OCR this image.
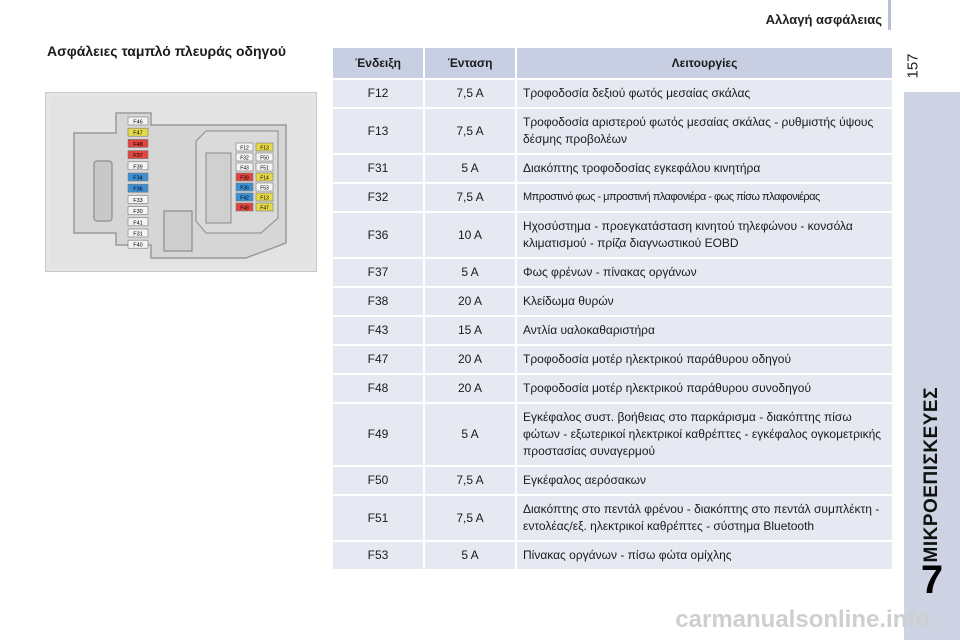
Αλλαγή ασφάλειας
157
ΜΙΚΡΟΕΠΙΣΚΕΥΕΣ
7
Ασφάλειες ταμπλό πλευράς οδηγού
F46
F47
F48
F37
F39
F34
F36
F33
F30
F41
F31
F40
F12 F13
F32 F50
F43 F51
F38 F14
F36 F53
F42 F13
F48 F47
Ένδειξη	Ένταση	Λειτουργίες
F12	7,5 A	Τροφοδοσία δεξιού φωτός μεσαίας σκάλας
F13	7,5 A	Τροφοδοσία αριστερού φωτός μεσαίας σκάλας - ρυθμιστής ύψους δέσμης προβολέων
F31	5 A	Διακόπτης τροφοδοσίας εγκεφάλου κινητήρα
F32	7,5 A	Μπροστινό φως - μπροστινή πλαφονιέρα - φως πίσω πλαφονιέρας
F36	10 A	Ηχοσύστημα - προεγκατάσταση κινητού τηλεφώνου - κονσόλα κλιματισμού - πρίζα διαγνωστικού EOBD
F37	5 A	Φως φρένων - πίνακας οργάνων
F38	20 A	Κλείδωμα θυρών
F43	15 A	Αντλία υαλοκαθαριστήρα
F47	20 A	Τροφοδοσία μοτέρ ηλεκτρικού παράθυρου οδηγού
F48	20 A	Τροφοδοσία μοτέρ ηλεκτρικού παράθυρου συνοδηγού
F49	5 A	Εγκέφαλος συστ. βοήθειας στο παρκάρισμα - διακόπτης πίσω φώτων - εξωτερικοί ηλεκτρικοί καθρέπτες - εγκέφαλος ογκομετρικής προστασίας συναγερμού
F50	7,5 A	Εγκέφαλος αερόσακων
F51	7,5 A	Διακόπτης στο πεντάλ φρένου - διακόπτης στο πεντάλ συμπλέκτη - εντολέας/εξ. ηλεκτρικοί καθρέπτες - σύστημα Bluetooth
F53	5 A	Πίνακας οργάνων - πίσω φώτα ομίχλης
carmanualsonline.info
